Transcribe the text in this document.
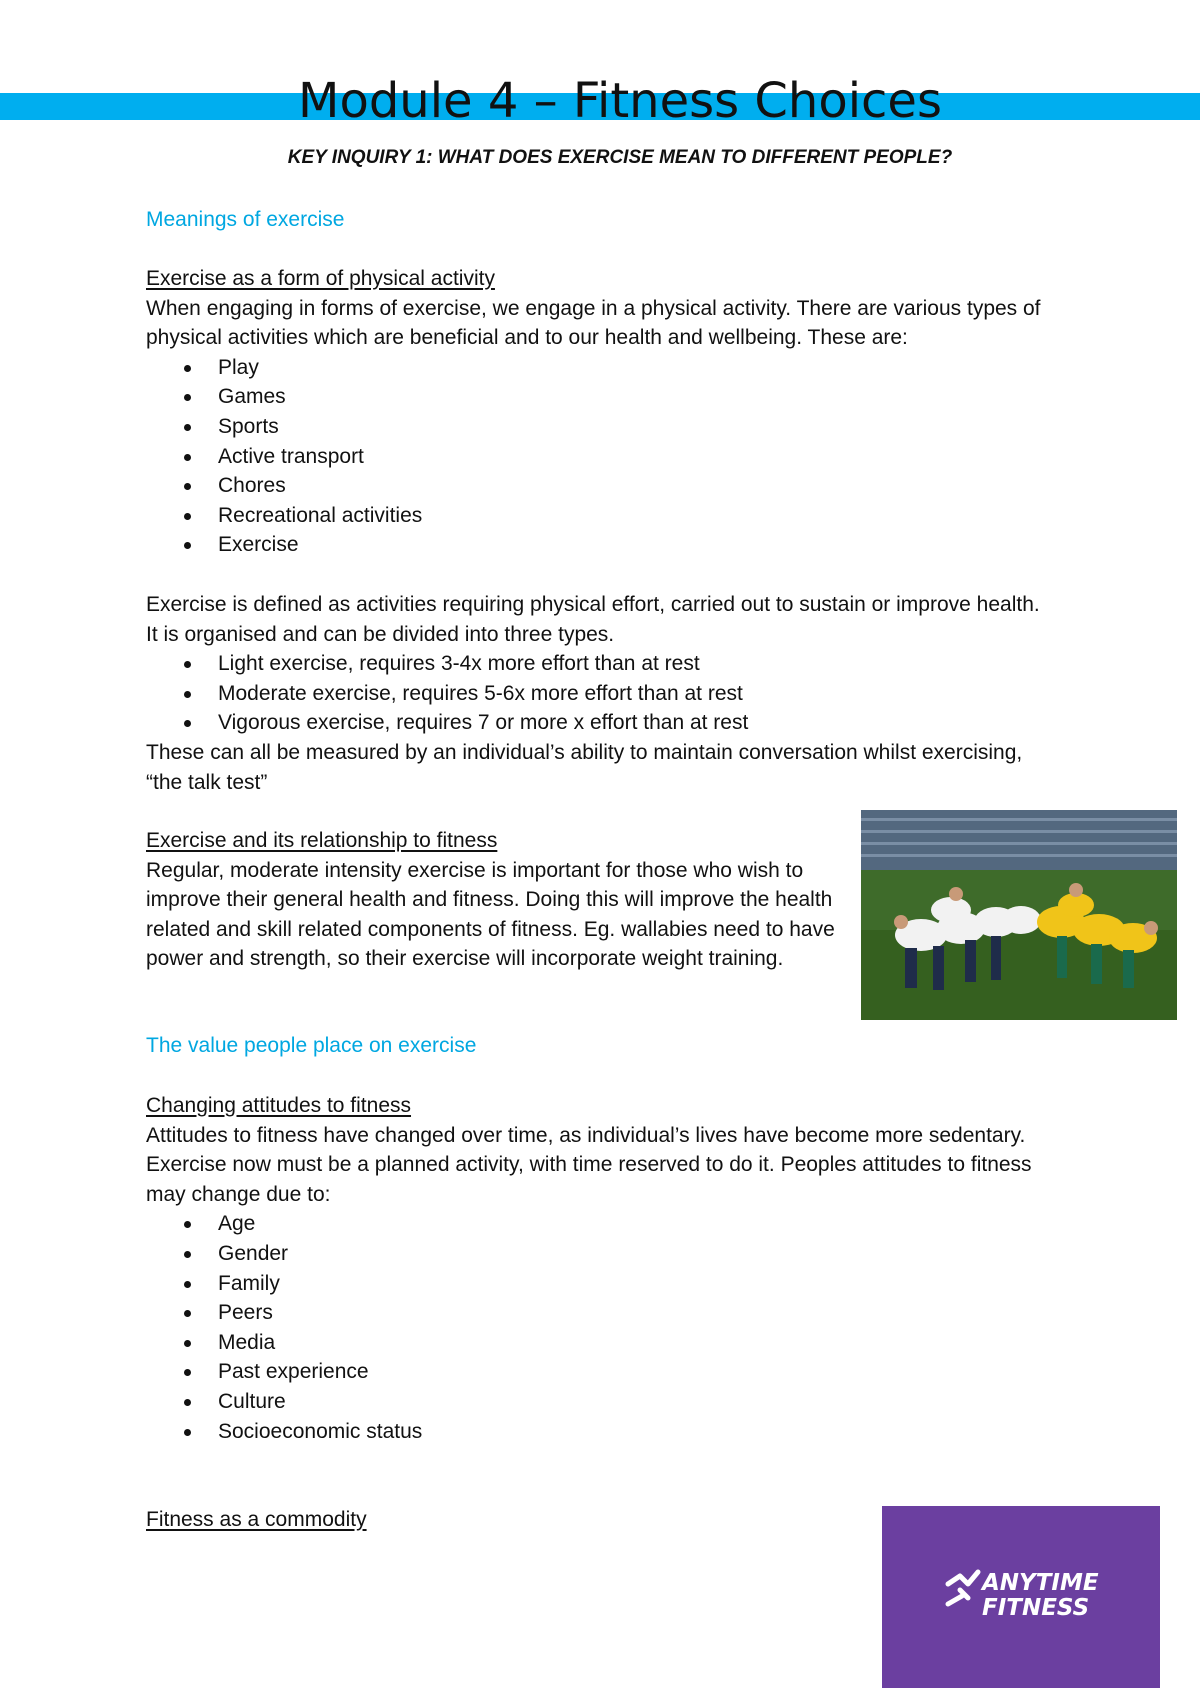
Module 4 – Fitness Choices
KEY INQUIRY 1: WHAT DOES EXERCISE MEAN TO DIFFERENT PEOPLE?
Meanings of exercise

Exercise as a form of physical activity

When engaging in forms of exercise, we engage in a physical activity. There are various types of physical activities which are beneficial and to our health and wellbeing. These are:

Play
Games
Sports
Active transport
Chores
Recreational activities
Exercise

Exercise is defined as activities requiring physical effort, carried out to sustain or improve health. It is organised and can be divided into three types.

Light exercise, requires 3-4x more effort than at rest
Moderate exercise, requires 5-6x more effort than at rest
Vigorous exercise, requires 7 or more x effort than at rest

These can all be measured by an individual’s ability to maintain conversation whilst exercising, “the talk test”

Exercise and its relationship to fitness

Regular, moderate intensity exercise is important for those who wish to improve their general health and fitness. Doing this will improve the health related and skill related components of fitness. Eg. wallabies need to have power and strength, so their exercise will incorporate weight training.

The value people place on exercise

Changing attitudes to fitness

Attitudes to fitness have changed over time, as individual’s lives have become more sedentary. Exercise now must be a planned activity, with time reserved to do it. Peoples attitudes to fitness may change due to:

Age
Gender
Family
Peers
Media
Past experience
Culture
Socioeconomic status

Fitness as a commodity

ANYTIME
FITNESS
